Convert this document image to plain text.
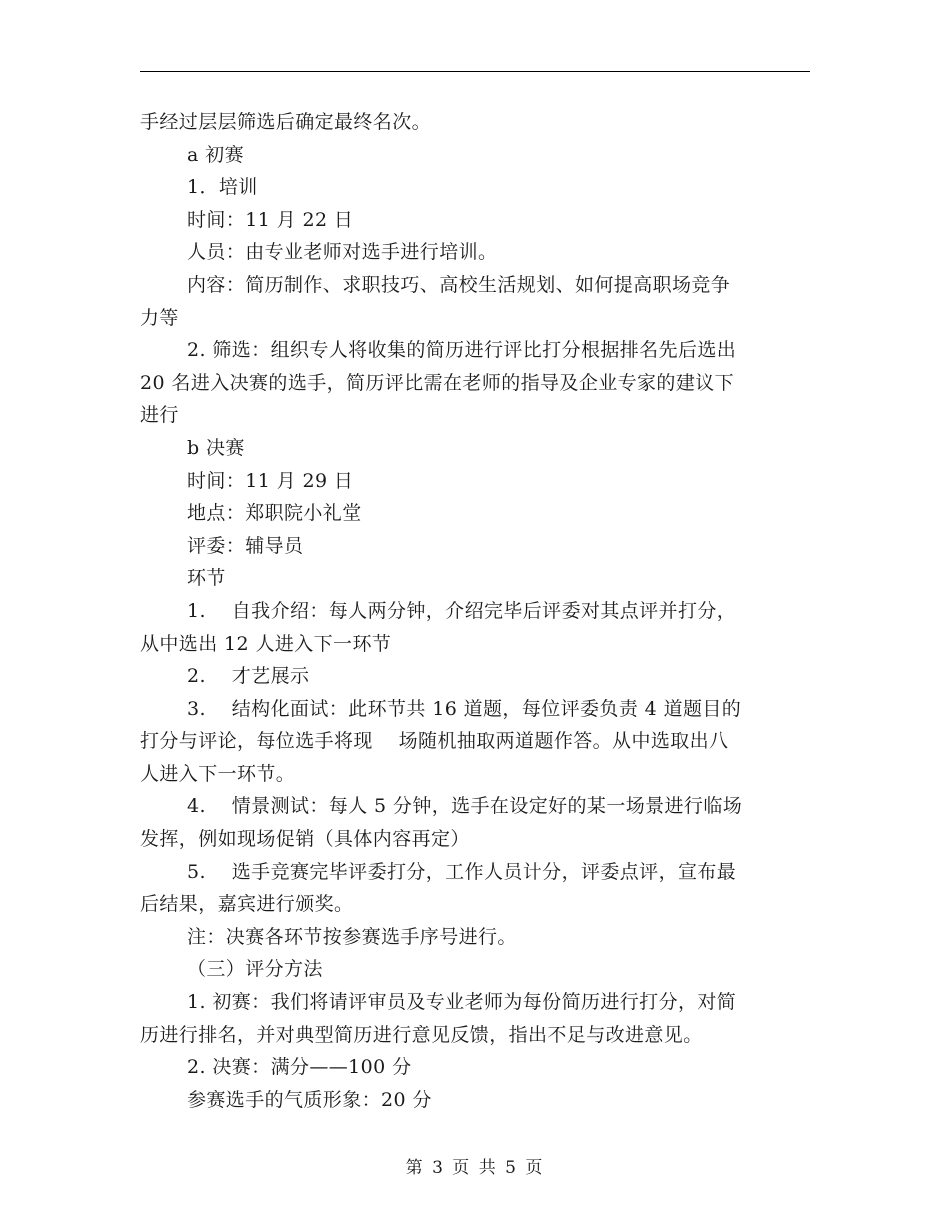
手经过层层筛选后确定最终名次。

a 初赛

1．培训

时间：11 月 22 日

人员：由专业老师对选手进行培训。

内容：简历制作、求职技巧、高校生活规划、如何提高职场竞争
力等

2. 筛选：组织专人将收集的简历进行评比打分根据排名先后选出
20 名进入决赛的选手，简历评比需在老师的指导及企业专家的建议下
进行

b 决赛

时间：11 月 29 日

地点：郑职院小礼堂

评委：辅导员

环节

1.　 自我介绍：每人两分钟，介绍完毕后评委对其点评并打分，
从中选出 12 人进入下一环节

2.　 才艺展示

3.　 结构化面试：此环节共 16 道题，每位评委负责 4 道题目的
打分与评论，每位选手将现　 场随机抽取两道题作答。从中选取出八
人进入下一环节。

4.　 情景测试：每人 5 分钟，选手在设定好的某一场景进行临场
发挥，例如现场促销（具体内容再定）

5.　 选手竞赛完毕评委打分，工作人员计分，评委点评，宣布最
后结果，嘉宾进行颁奖。

注：决赛各环节按参赛选手序号进行。

（三）评分方法

1. 初赛：我们将请评审员及专业老师为每份简历进行打分，对简
历进行排名，并对典型简历进行意见反馈，指出不足与改进意见。

2. 决赛：满分——100 分

参赛选手的气质形象：20 分

第 3 页 共 5 页
